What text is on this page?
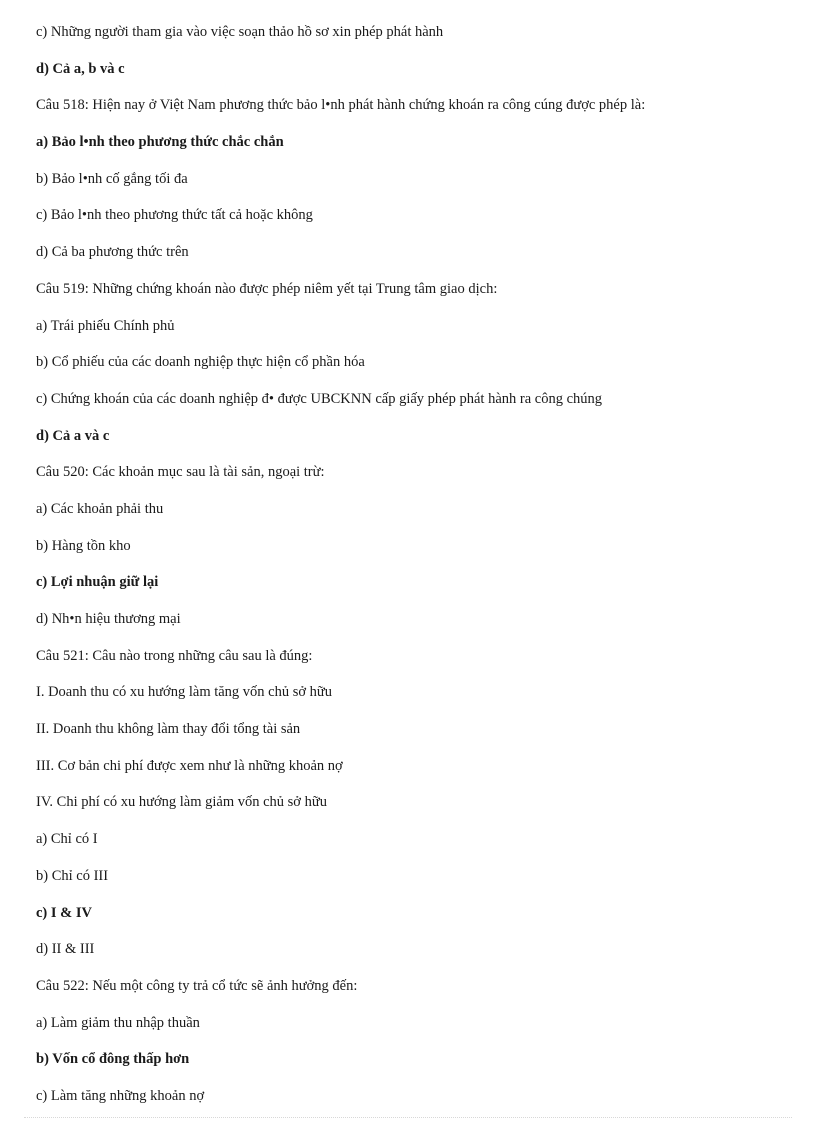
c) Những người tham gia vào việc soạn thảo hồ sơ xin phép phát hành
d) Cả a, b và c
Câu 518: Hiện nay ở Việt Nam phương thức bảo l•nh phát hành chứng khoán ra công cúng được phép là:
a) Bảo l•nh theo phương thức chắc chắn
b) Bảo l•nh cố gắng tối đa
c) Bảo l•nh theo phương thức tất cả hoặc không
d) Cả ba phương thức trên
Câu 519: Những chứng khoán nào được phép niêm yết tại Trung tâm giao dịch:
a) Trái phiếu Chính phủ
b) Cổ phiếu của các doanh nghiệp thực hiện cổ phần hóa
c) Chứng khoán của các doanh nghiệp đ• được UBCKNN cấp giấy phép phát hành ra công chúng
d) Cả a và c
Câu 520: Các khoản mục sau là tài sản, ngoại trừ:
a) Các khoản phải thu
b) Hàng tồn kho
c) Lợi nhuận giữ lại
d) Nh•n hiệu thương mại
Câu 521: Câu nào trong những câu sau là đúng:
I. Doanh thu có xu hướng làm tăng vốn chủ sở hữu
II. Doanh thu không làm thay đổi tổng tài sản
III. Cơ bản chi phí được xem như là những khoản nợ
IV. Chi phí có xu hướng làm giảm vốn chủ sở hữu
a) Chỉ có I
b) Chỉ có III
c) I & IV
d) II & III
Câu 522: Nếu một công ty trả cổ tức sẽ ảnh hưởng đến:
a) Làm giảm thu nhập thuần
b) Vốn cổ đông thấp hơn
c) Làm tăng những khoản nợ
